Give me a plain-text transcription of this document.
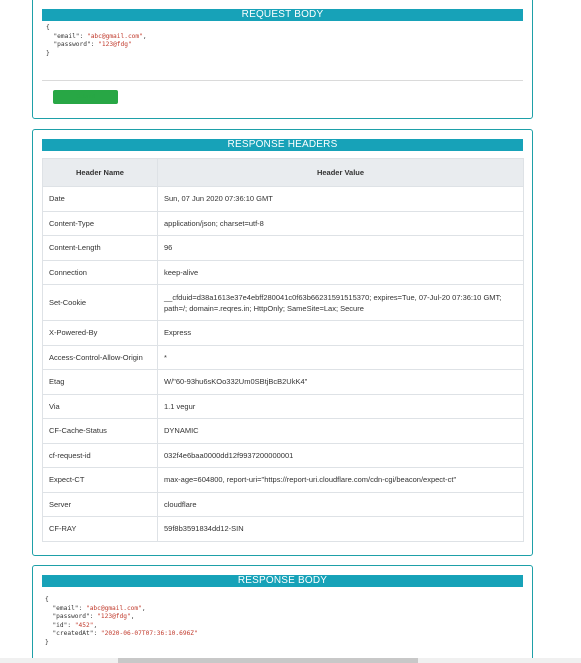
REQUEST BODY
{
"email": "abc@gmail.com",
"password": "123@fdg"
}
Submit
RESPONSE HEADERS
Header Name	Header Value
Date	Sun, 07 Jun 2020 07:36:10 GMT
Content-Type	application/json; charset=utf-8
Content-Length	96
Connection	keep-alive
Set-Cookie	__cfduid=d38a1613e37e4ebff280041c0f63b66231591515370; expires=Tue, 07-Jul-20 07:36:10 GMT; path=/; domain=.reqres.in; HttpOnly; SameSite=Lax; Secure
X-Powered-By	Express
Access-Control-Allow-Origin	*
Etag	W/"60-93hu6sKOo332Um0SBtjBcB2UkK4"
Via	1.1 vegur
CF-Cache-Status	DYNAMIC
cf-request-id	032f4e6baa0000dd12f9937200000001
Expect-CT	max-age=604800, report-uri="https://report-uri.cloudflare.com/cdn-cgi/beacon/expect-ct"
Server	cloudflare
CF-RAY	59f8b3591834dd12-SIN
RESPONSE BODY
{
"email": "abc@gmail.com",
"password": "123@fdg",
"id": "452",
"createdAt": "2020-06-07T07:36:10.696Z"
}
